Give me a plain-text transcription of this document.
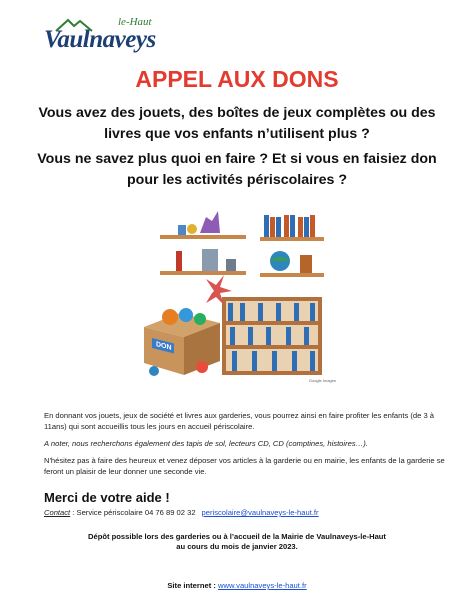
le-Haut
Vaulnaveys
APPEL AUX DONS

Vous avez des jouets, des boîtes de jeux complètes ou des livres que vos enfants n’utilisent plus ?

Vous ne savez plus quoi en faire ? Et si vous en faisiez don pour les activités périscolaires ?

DON
Google Images

En donnant vos jouets, jeux de société et livres aux garderies, vous pourrez ainsi en faire profiter les enfants (de 3 à 11ans) qui sont accueillis tous les jours en accueil périscolaire.

A noter, nous recherchons également des tapis de sol, lecteurs CD, CD (comptines, histoires…).

N'hésitez pas à faire des heureux et venez déposer vos articles à la garderie ou en mairie, les enfants de la garderie se feront un plaisir de leur donner une seconde vie.

Merci de votre aide !
Contact : Service périscolaire 04 76 89 02 32 periscolaire@vaulnaveys-le-haut.fr
Dépôt possible lors des garderies ou à l’accueil de la Mairie de Vaulnaveys-le-Haut
au cours du mois de janvier 2023.
Site internet : www.vaulnaveys-le-haut.fr
